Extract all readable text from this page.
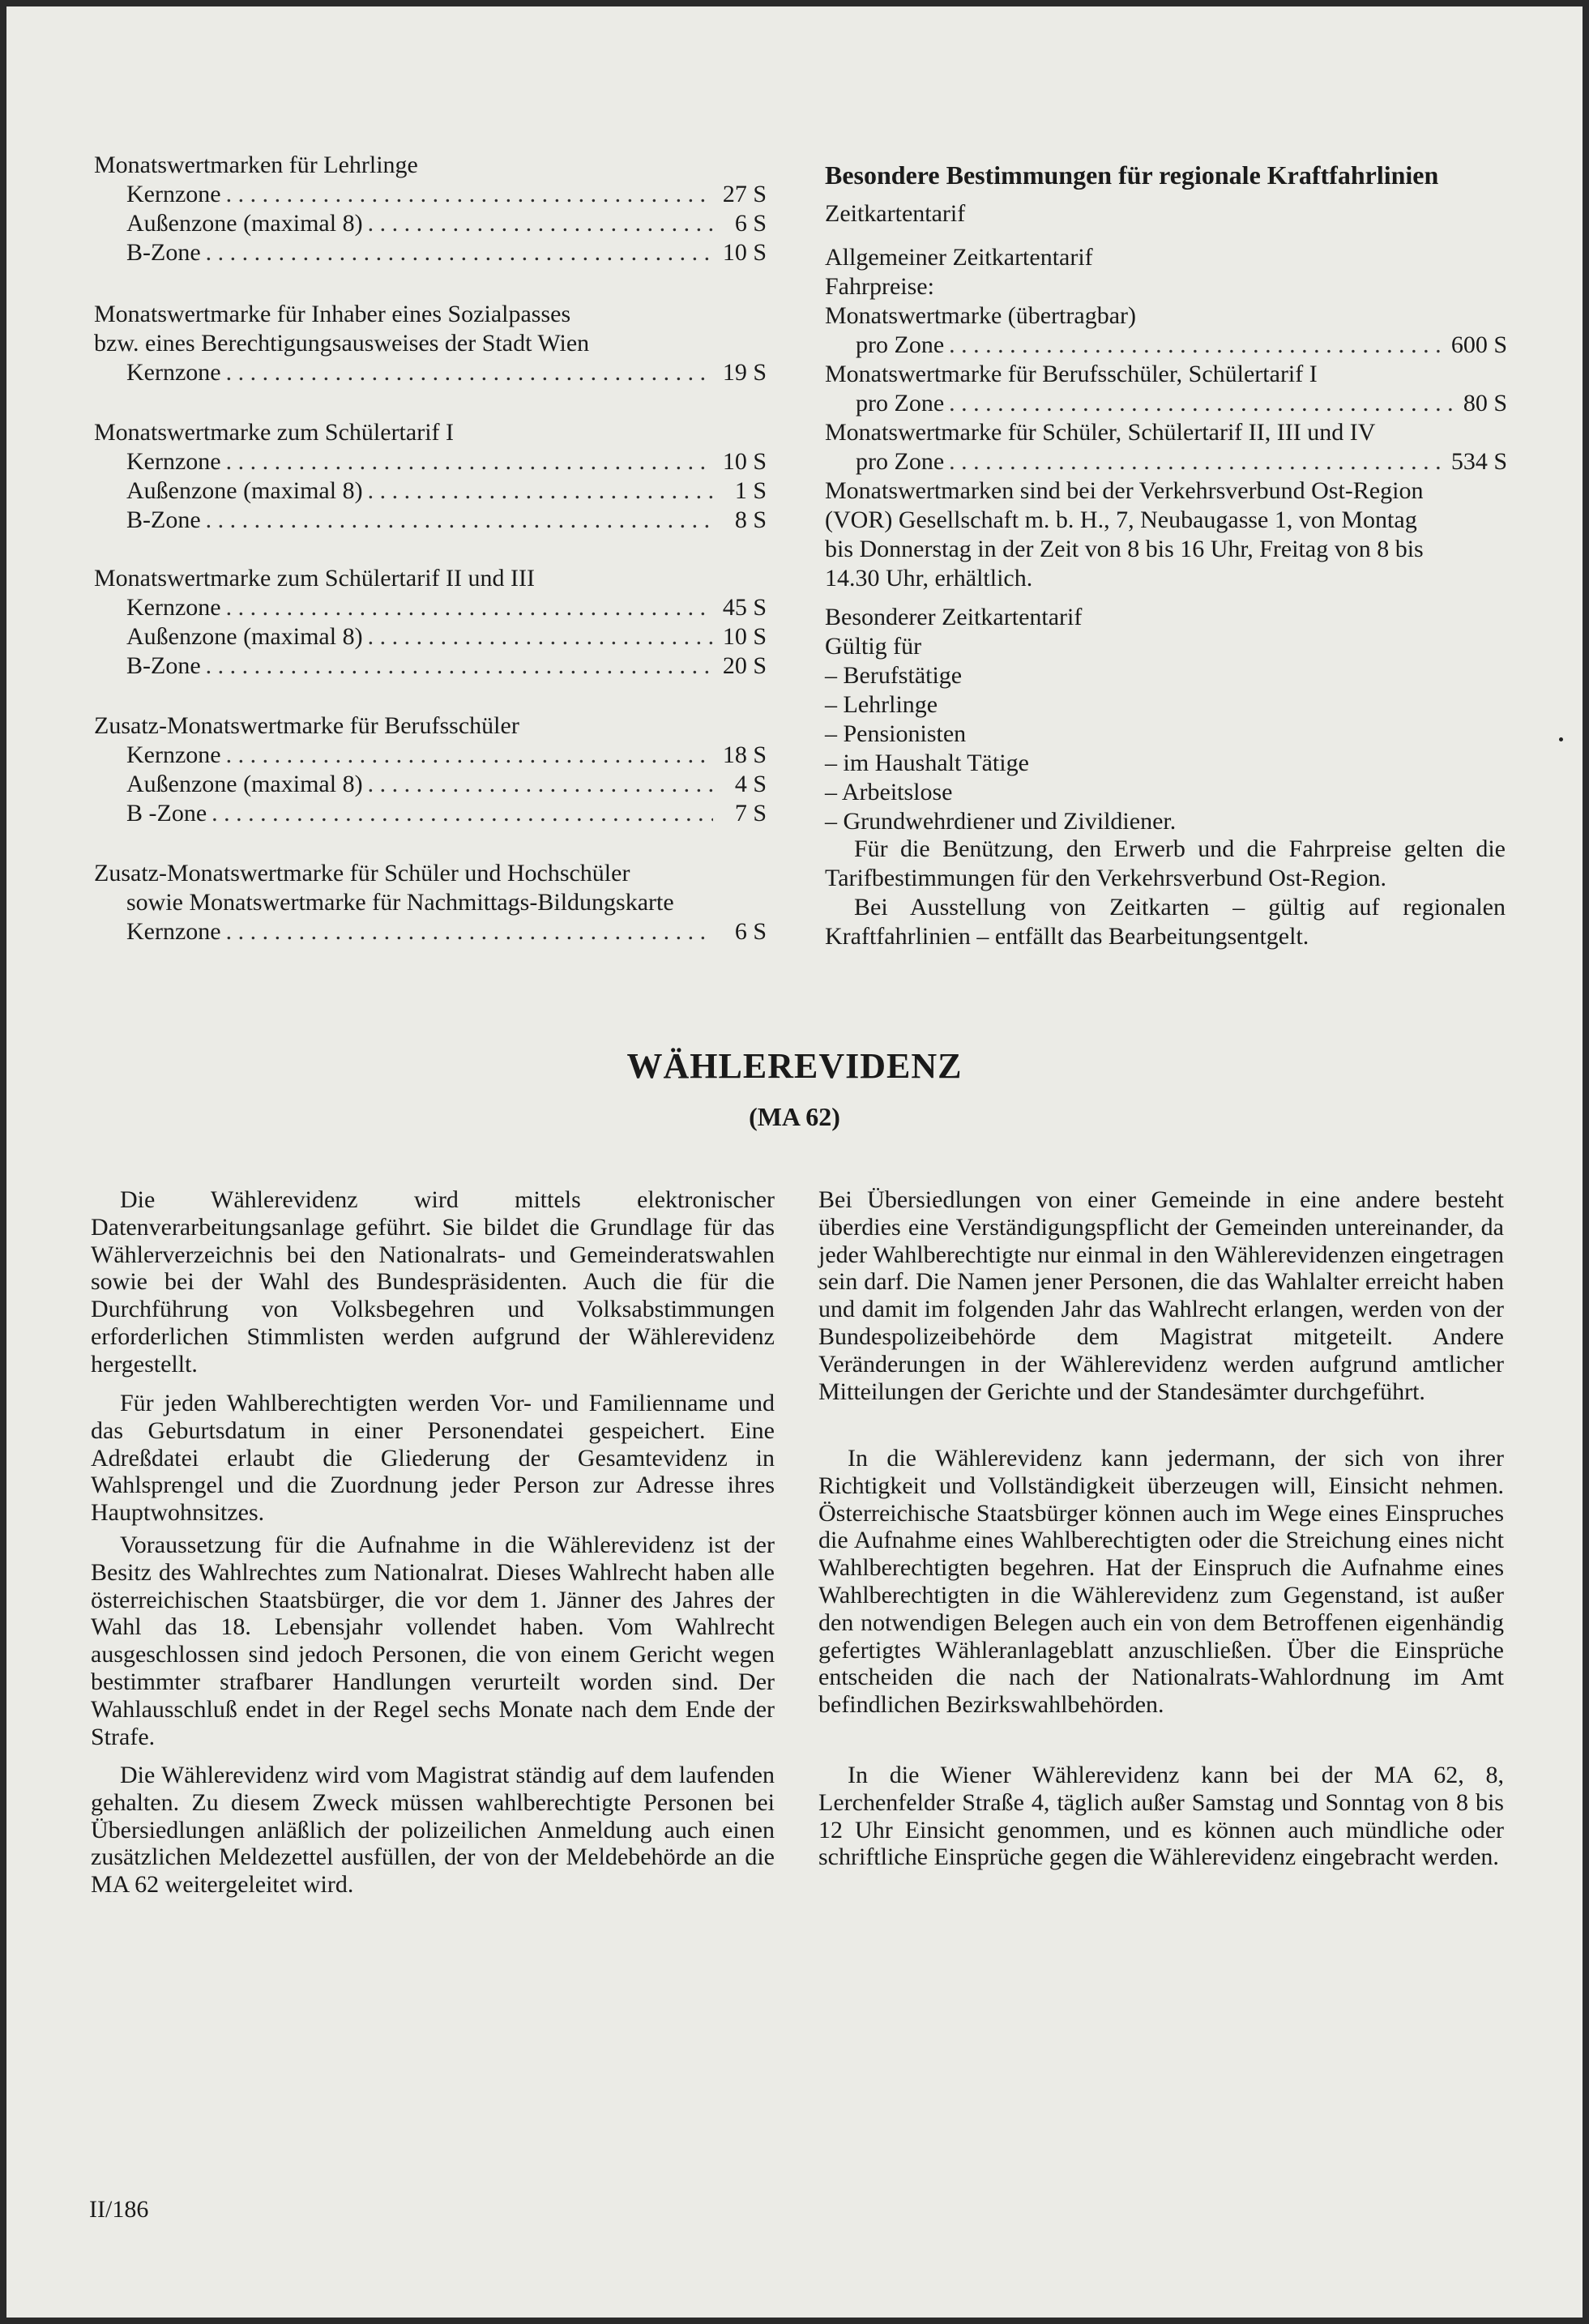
Monatswertmarken für Lehrlinge
Kernzone . . .	27 S
Außenzone (maximal 8) . . .	6 S
B-Zone . . .	10 S
Monatswertmarke für Inhaber eines Sozialpasses
bzw. eines Berechtigungsausweises der Stadt Wien
Kernzone . . .	19 S
Monatswertmarke zum Schülertarif I
Kernzone . . .	10 S
Außenzone (maximal 8) . . .	1 S
B-Zone . . .	8 S
Monatswertmarke zum Schülertarif II und III
Kernzone . . .	45 S
Außenzone (maximal 8) . . .	10 S
B-Zone . . .	20 S
Zusatz-Monatswertmarke für Berufsschüler
Kernzone . . .	18 S
Außenzone (maximal 8) . . .	4 S
B -Zone . . .	7 S
Zusatz-Monatswertmarke für Schüler und Hochschüler
sowie Monatswertmarke für Nachmittags-Bildungskarte
Kernzone . . .	6 S
Besondere Bestimmungen für regionale Kraftfahrlinien
Zeitkartentarif
Allgemeiner Zeitkartentarif
Fahrpreise:
Monatswertmarke (übertragbar)
pro Zone . . .	600 S
Monatswertmarke für Berufsschüler, Schülertarif I
pro Zone . . .	80 S
Monatswertmarke für Schüler, Schülertarif II, III und IV
pro Zone . . .	534 S
Monatswertmarken sind bei der Verkehrsverbund Ost-Region
(VOR) Gesellschaft m. b. H., 7, Neubaugasse 1, von Montag
bis Donnerstag in der Zeit von 8 bis 16 Uhr, Freitag von 8 bis
14.30 Uhr, erhältlich.
Besonderer Zeitkartentarif
Gültig für
– Berufstätige
– Lehrlinge
– Pensionisten
– im Haushalt Tätige
– Arbeitslose
– Grundwehrdiener und Zivildiener.

Für die Benützung, den Erwerb und die Fahrpreise gelten die Tarifbestimmungen für den Verkehrsverbund Ost-Region.

Bei Ausstellung von Zeitkarten – gültig auf regionalen Kraftfahrlinien – entfällt das Bearbeitungsentgelt.

WÄHLEREVIDENZ
(MA 62)

Die Wählerevidenz wird mittels elektronischer Datenverarbeitungsanlage geführt. Sie bildet die Grundlage für das Wählerverzeichnis bei den Nationalrats- und Gemeinderatswahlen sowie bei der Wahl des Bundespräsidenten. Auch die für die Durchführung von Volksbegehren und Volksabstimmungen erforderlichen Stimmlisten werden aufgrund der Wählerevidenz hergestellt.

Für jeden Wahlberechtigten werden Vor- und Familienname und das Geburtsdatum in einer Personendatei gespeichert. Eine Adreßdatei erlaubt die Gliederung der Gesamtevidenz in Wahlsprengel und die Zuordnung jeder Person zur Adresse ihres Hauptwohnsitzes.

Voraussetzung für die Aufnahme in die Wählerevidenz ist der Besitz des Wahlrechtes zum Nationalrat. Dieses Wahlrecht haben alle österreichischen Staatsbürger, die vor dem 1. Jänner des Jahres der Wahl das 18. Lebensjahr vollendet haben. Vom Wahlrecht ausgeschlossen sind jedoch Personen, die von einem Gericht wegen bestimmter strafbarer Handlungen verurteilt worden sind. Der Wahlausschluß endet in der Regel sechs Monate nach dem Ende der Strafe.

Die Wählerevidenz wird vom Magistrat ständig auf dem laufenden gehalten. Zu diesem Zweck müssen wahlberechtigte Personen bei Übersiedlungen anläßlich der polizeilichen Anmeldung auch einen zusätzlichen Meldezettel ausfüllen, der von der Meldebehörde an die MA 62 weitergeleitet wird.

Bei Übersiedlungen von einer Gemeinde in eine andere besteht überdies eine Verständigungspflicht der Gemeinden untereinander, da jeder Wahlberechtigte nur einmal in den Wählerevidenzen eingetragen sein darf. Die Namen jener Personen, die das Wahlalter erreicht haben und damit im folgenden Jahr das Wahlrecht erlangen, werden von der Bundespolizeibehörde dem Magistrat mitgeteilt. Andere Veränderungen in der Wählerevidenz werden aufgrund amtlicher Mitteilungen der Gerichte und der Standesämter durchgeführt.

In die Wählerevidenz kann jedermann, der sich von ihrer Richtigkeit und Vollständigkeit überzeugen will, Einsicht nehmen. Österreichische Staatsbürger können auch im Wege eines Einspruches die Aufnahme eines Wahlberechtigten oder die Streichung eines nicht Wahlberechtigten begehren. Hat der Einspruch die Aufnahme eines Wahlberechtigten in die Wählerevidenz zum Gegenstand, ist außer den notwendigen Belegen auch ein von dem Betroffenen eigenhändig gefertigtes Wähleranlageblatt anzuschließen. Über die Einsprüche entscheiden die nach der Nationalrats-Wahlordnung im Amt befindlichen Bezirkswahlbehörden.

In die Wiener Wählerevidenz kann bei der MA 62, 8, Lerchenfelder Straße 4, täglich außer Samstag und Sonntag von 8 bis 12 Uhr Einsicht genommen, und es können auch mündliche oder schriftliche Einsprüche gegen die Wählerevidenz eingebracht werden.

II/186
